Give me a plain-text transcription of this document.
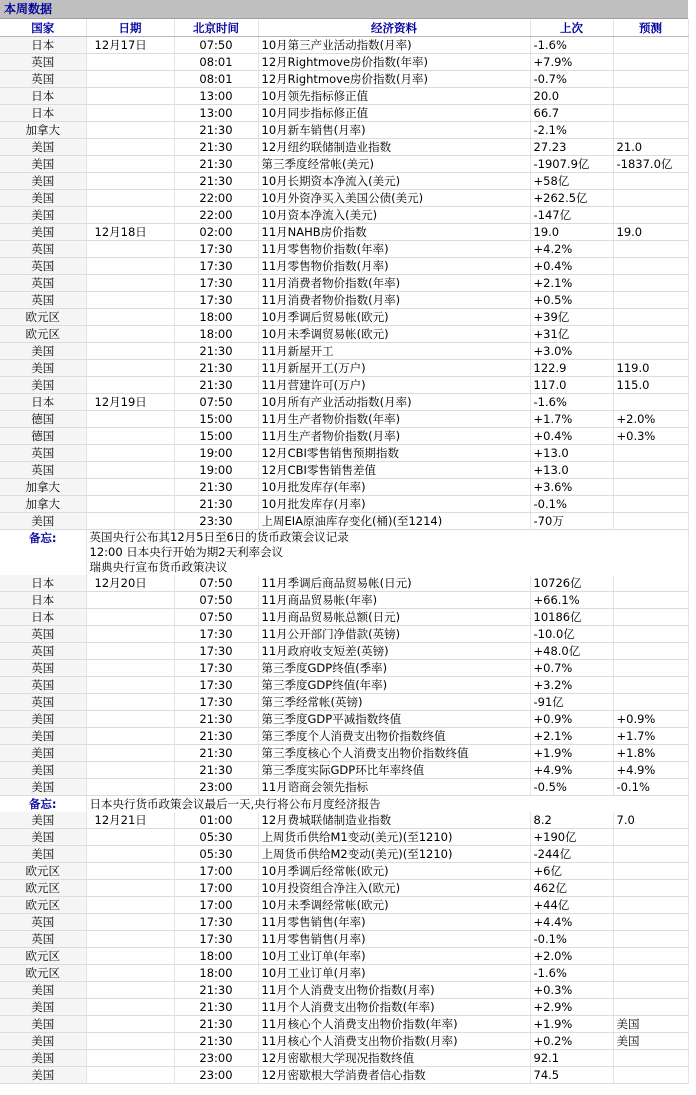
本周数据
国家	日期	北京时间	经济资料	上次	预测
日本	12月17日	07:50	10月第三产业活动指数(月率)	-1.6%	
英国		08:01	12月Rightmove房价指数(年率)	+7.9%	
英国		08:01	12月Rightmove房价指数(月率)	-0.7%	
日本		13:00	10月领先指标修正值	20.0	
日本		13:00	10月同步指标修正值	66.7	
加拿大		21:30	10月新车销售(月率)	-2.1%	
美国		21:30	12月纽约联储制造业指数	27.23	21.0
美国		21:30	第三季度经常帐(美元)	-1907.9亿	-1837.0亿
美国		21:30	10月长期资本净流入(美元)	+58亿	
美国		22:00	10月外资净买入美国公债(美元)	+262.5亿	
美国		22:00	10月资本净流入(美元)	-147亿	
美国	12月18日	02:00	11月NAHB房价指数	19.0	19.0
英国		17:30	11月零售物价指数(年率)	+4.2%	
英国		17:30	11月零售物价指数(月率)	+0.4%	
英国		17:30	11月消费者物价指数(年率)	+2.1%	
英国		17:30	11月消费者物价指数(月率)	+0.5%	
欧元区		18:00	10月季调后贸易帐(欧元)	+39亿	
欧元区		18:00	10月未季调贸易帐(欧元)	+31亿	
美国		21:30	11月新屋开工	+3.0%	
美国		21:30	11月新屋开工(万户)	122.9	119.0
美国		21:30	11月营建许可(万户)	117.0	115.0
日本	12月19日	07:50	10月所有产业活动指数(月率)	-1.6%	
德国		15:00	11月生产者物价指数(年率)	+1.7%	+2.0%
德国		15:00	11月生产者物价指数(月率)	+0.4%	+0.3%
英国		19:00	12月CBI零售销售预期指数	+13.0	
英国		19:00	12月CBI零售销售差值	+13.0	
加拿大		21:30	10月批发库存(年率)	+3.6%	
加拿大		21:30	10月批发库存(月率)	-0.1%	
美国		23:30	上周EIA原油库存变化(桶)(至1214)	-70万	
备忘:	英国央行公布其12月5日至6日的货币政策会议记录
12:00 日本央行开始为期2天利率会议
瑞典央行宣布货币政策决议				

日本	12月20日	07:50	11月季调后商品贸易帐(日元)	10726亿	
日本		07:50	11月商品贸易帐(年率)	+66.1%	
日本		07:50	11月商品贸易帐总额(日元)	10186亿	
英国		17:30	11月公开部门净借款(英镑)	-10.0亿	
英国		17:30	11月政府收支短差(英镑)	+48.0亿	
英国		17:30	第三季度GDP终值(季率)	+0.7%	
英国		17:30	第三季度GDP终值(年率)	+3.2%	
英国		17:30	第三季经常帐(英镑)	-91亿	
美国		21:30	第三季度GDP平减指数终值	+0.9%	+0.9%
美国		21:30	第三季度个人消费支出物价指数终值	+2.1%	+1.7%
美国		21:30	第三季度核心个人消费支出物价指数终值	+1.9%	+1.8%
美国		21:30	第三季度实际GDP环比年率终值	+4.9%	+4.9%
美国		23:00	11月谘商会领先指标	-0.5%	-0.1%
备忘:	日本央行货币政策会议最后一天,央行将公布月度经济报告				

美国	12月21日	01:00	12月费城联储制造业指数	8.2	7.0
美国		05:30	上周货币供给M1变动(美元)(至1210)	+190亿	
美国		05:30	上周货币供给M2变动(美元)(至1210)	-244亿	
欧元区		17:00	10月季调后经常帐(欧元)	+6亿	
欧元区		17:00	10月投资组合净注入(欧元)	462亿	
欧元区		17:00	10月未季调经常帐(欧元)	+44亿	
英国		17:30	11月零售销售(年率)	+4.4%	
英国		17:30	11月零售销售(月率)	-0.1%	
欧元区		18:00	10月工业订单(年率)	+2.0%	
欧元区		18:00	10月工业订单(月率)	-1.6%	
美国		21:30	11月个人消费支出物价指数(月率)	+0.3%	
美国		21:30	11月个人消费支出物价指数(年率)	+2.9%	
美国		21:30	11月核心个人消费支出物价指数(年率)	+1.9%	美国
美国		21:30	11月核心个人消费支出物价指数(月率)	+0.2%	美国
美国		23:00	12月密歇根大学现况指数终值	92.1	
美国		23:00	12月密歇根大学消费者信心指数	74.5	
